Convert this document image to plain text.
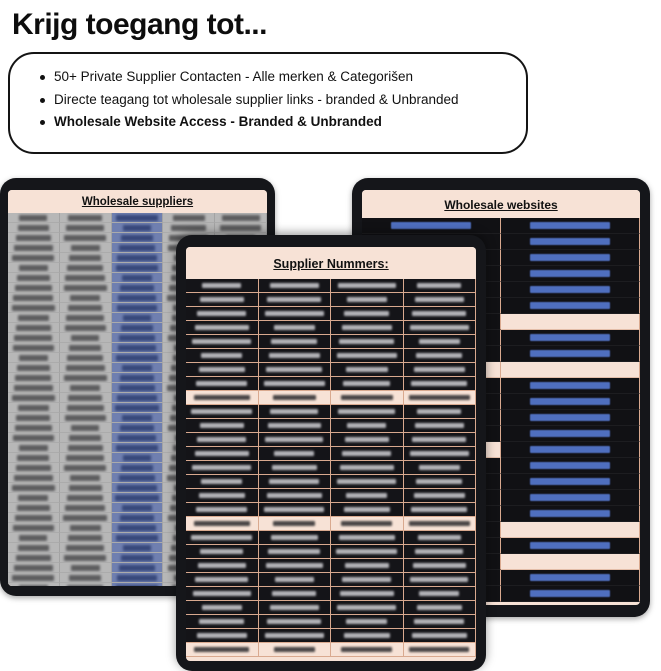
Krijg toegang tot...
50+ Private Supplier Contacten - Alle merken & Categorišen
Directe teagang tot wholesale supplier links - branded & Unbranded
Wholesale Website Access - Branded & Unbranded
Wholesale suppliers	Wholesale websites
Supplier Nummers:
